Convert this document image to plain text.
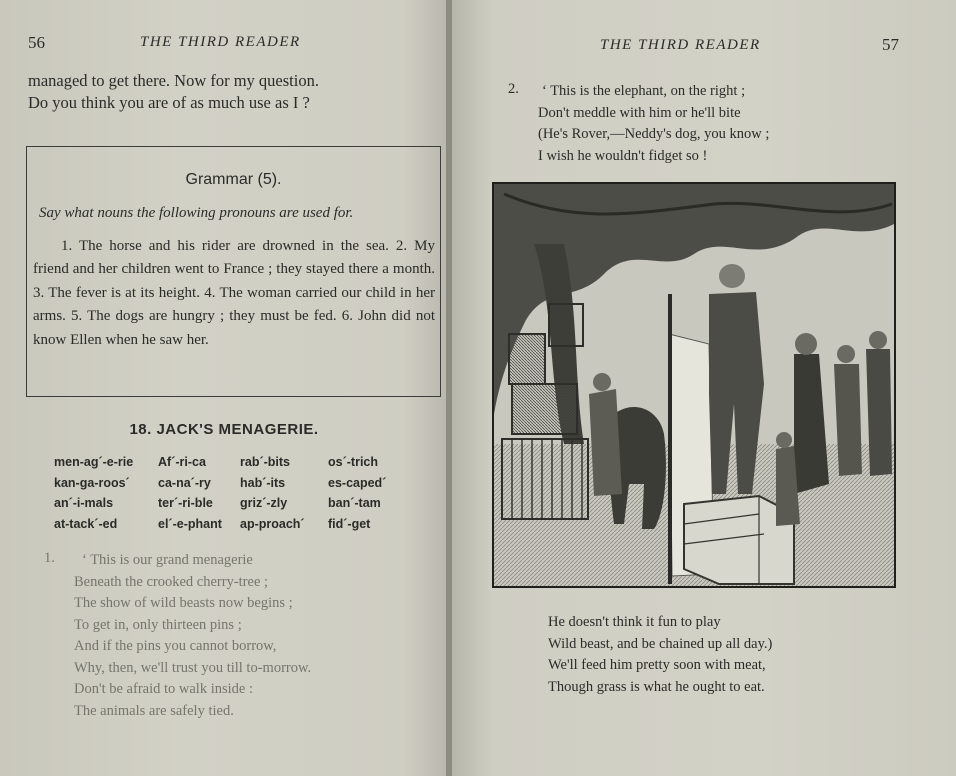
56	THE THIRD READER
managed to get there. Now for my question.
Do you think you are of as much use as I ?
Grammar (5).
Say what nouns the following pronouns are used for.
1. The horse and his rider are drowned in the sea. 2. My friend and her children went to France ; they stayed there a month. 3. The fever is at its height. 4. The woman carried our child in her arms. 5. The dogs are hungry ; they must be fed. 6. John did not know Ellen when he saw her.
18. JACK'S MENAGERIE.
men-ag´-e-rie
kan-ga-roos´
an´-i-mals
at-tack´-ed
Af´-ri-ca
ca-na´-ry
ter´-ri-ble
el´-e-phant
rab´-bits
hab´-its
griz´-zly
ap-proach´
os´-trich
es-caped´
ban´-tam
fid´-get
1. ‘ This is our grand menagerie
Beneath the crooked cherry-tree ;
The show of wild beasts now begins ;
To get in, only thirteen pins ;
And if the pins you cannot borrow,
Why, then, we'll trust you till to-morrow.
Don't be afraid to walk inside :
The animals are safely tied.
THE THIRD READER	57
2. ‘ This is the elephant, on the right ;
Don't meddle with him or he'll bite
(He's Rover,—Neddy's dog, you know ;
I wish he wouldn't fidget so !
He doesn't think it fun to play
Wild beast, and be chained up all day.)
We'll feed him pretty soon with meat,
Though grass is what he ought to eat.
